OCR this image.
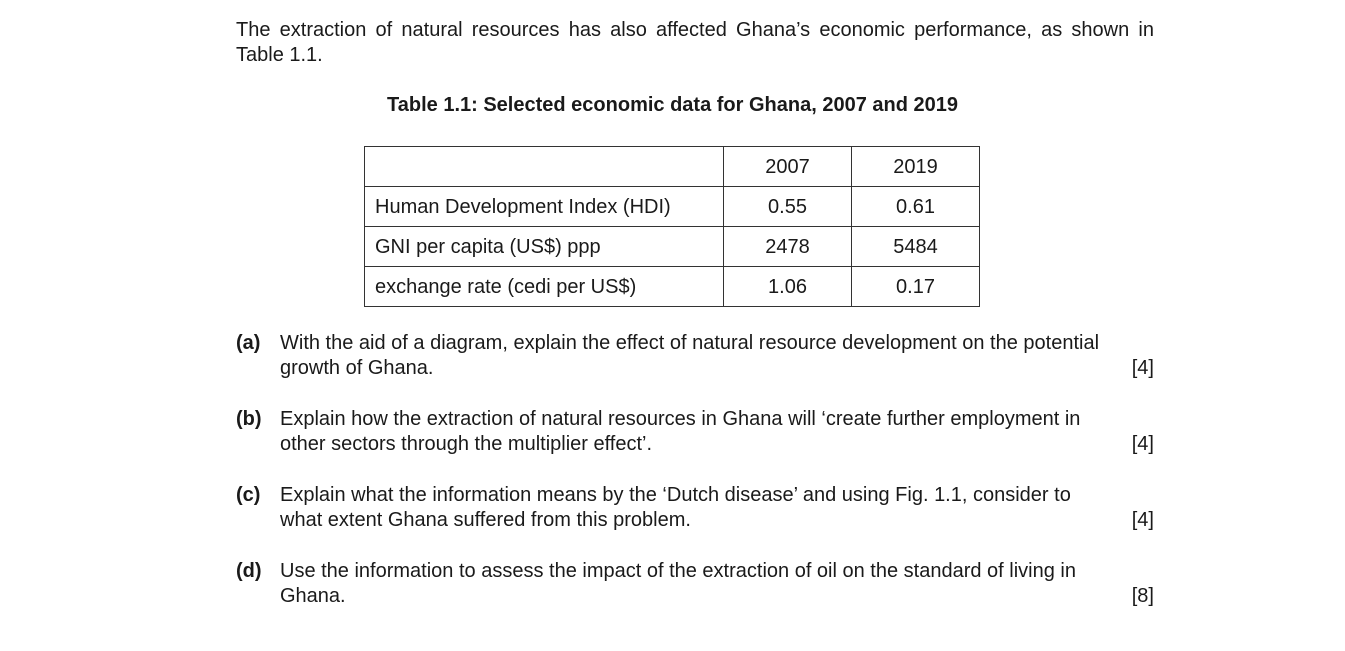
The extraction of natural resources has also affected Ghana’s economic performance, as shown in Table 1.1.
Table 1.1: Selected economic data for Ghana, 2007 and 2019
	2007	2019
Human Development Index (HDI)	0.55	0.61
GNI per capita (US$) ppp	2478	5484
exchange rate (cedi per US$)	1.06	0.17
(a) With the aid of a diagram, explain the effect of natural resource development on the potential
growth of Ghana.	[4]
(b) Explain how the extraction of natural resources in Ghana will ‘create further employment in
other sectors through the multiplier effect’.	[4]
(c) Explain what the information means by the ‘Dutch disease’ and using Fig. 1.1, consider to
what extent Ghana suffered from this problem.	[4]
(d) Use the information to assess the impact of the extraction of oil on the standard of living in
Ghana.	[8]
